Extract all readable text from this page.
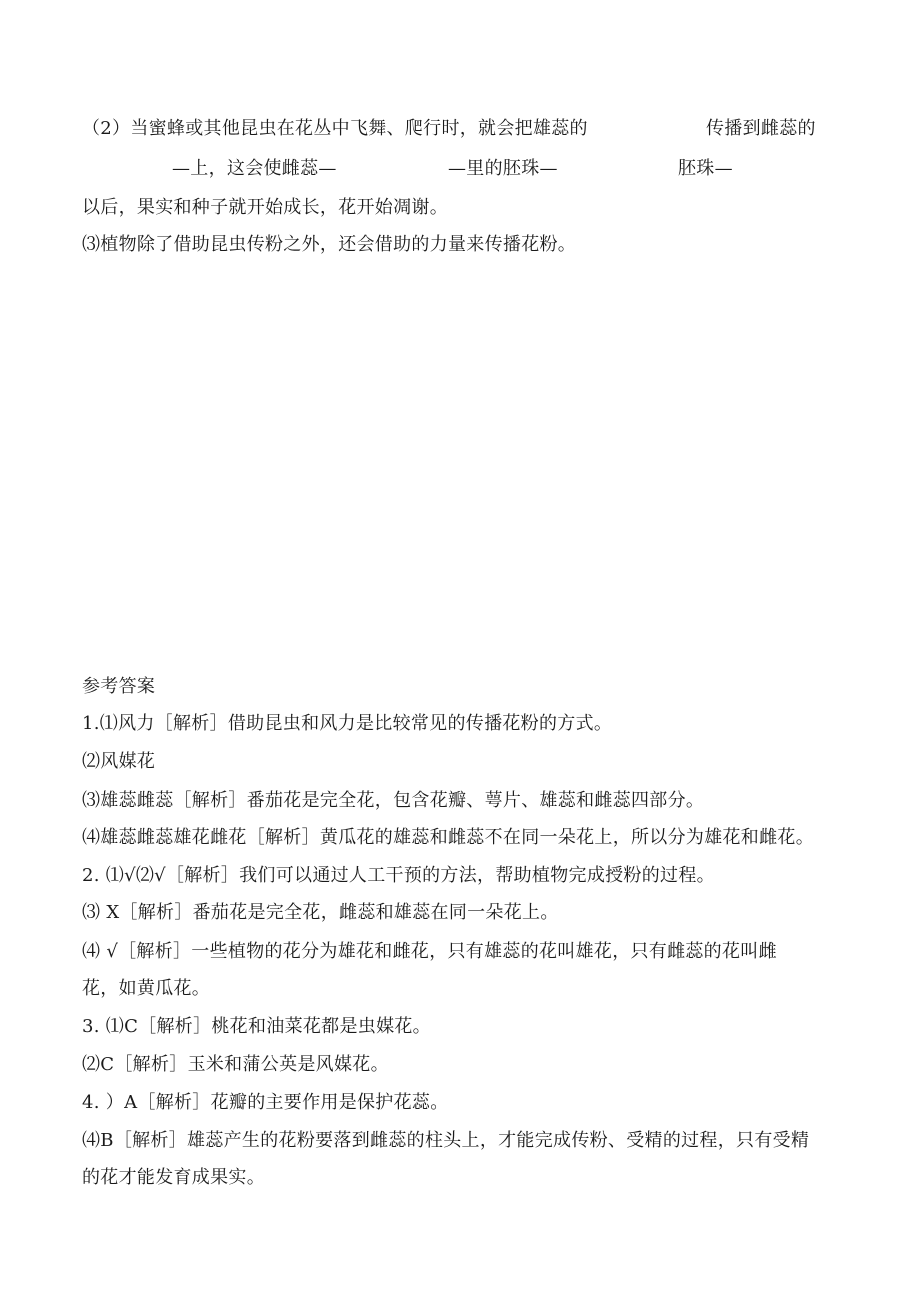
（2）当蜜蜂或其他昆虫在花丛中飞舞、爬行时，就会把雄蕊的	传播到雌蕊的
—上，这会使雌蕊—	—里的胚珠—	胚珠—
以后，果实和种子就开始成长，花开始凋谢。
⑶植物除了借助昆虫传粉之外，还会借助的力量来传播花粉。
参考答案
1.⑴风力［解析］借助昆虫和风力是比较常见的传播花粉的方式。
⑵风媒花
⑶雄蕊雌蕊［解析］番茄花是完全花，包含花瓣、萼片、雄蕊和雌蕊四部分。
⑷雄蕊雌蕊雄花雌花［解析］黄瓜花的雄蕊和雌蕊不在同一朵花上，所以分为雄花和雌花。
2. ⑴√⑵√［解析］我们可以通过人工干预的方法，帮助植物完成授粉的过程。
⑶ X［解析］番茄花是完全花，雌蕊和雄蕊在同一朵花上。
⑷ √［解析］一些植物的花分为雄花和雌花，只有雄蕊的花叫雄花，只有雌蕊的花叫雌
花，如黄瓜花。
3. ⑴C［解析］桃花和油菜花都是虫媒花。
⑵C［解析］玉米和蒲公英是风媒花。
4. ）A［解析］花瓣的主要作用是保护花蕊。
⑷B［解析］雄蕊产生的花粉要落到雌蕊的柱头上，才能完成传粉、受精的过程，只有受精
的花才能发育成果实。
